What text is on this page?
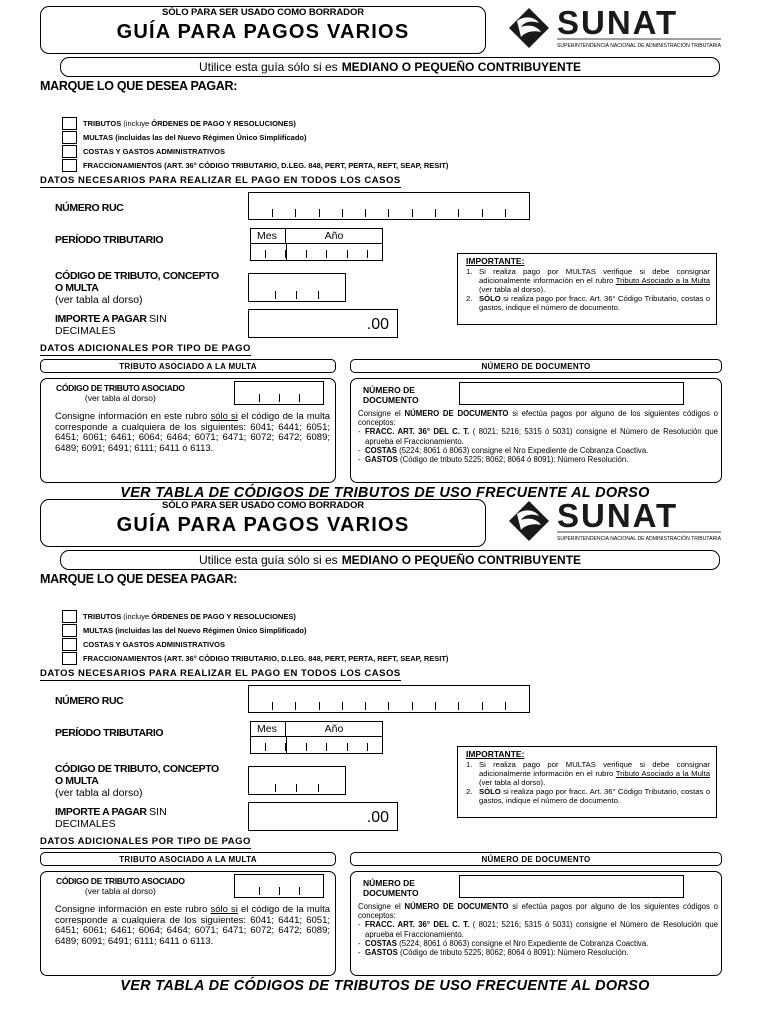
SÓLO PARA SER USADO COMO BORRADOR
GUÍA PARA PAGOS VARIOS	SUNAT
SUPERINTENDENCIA NACIONAL DE ADMINISTRACIÓN TRIBUTARIA
Utilice esta guía sólo si es MEDIANO O PEQUEÑO CONTRIBUYENTE
MARQUE LO QUE DESEA PAGAR:
TRIBUTOS (incluye ÓRDENES DE PAGO Y RESOLUCIONES)
MULTAS (incluidas las del Nuevo Régimen Único Simplificado)
COSTAS Y GASTOS ADMINISTRATIVOS
FRACCIONAMIENTOS (ART. 36° CÓDIGO TRIBUTARIO, D.LEG. 848, PERT, PERTA, REFT, SEAP, RESIT)
DATOS NECESARIOS PARA REALIZAR EL PAGO EN TODOS LOS CASOS
NÚMERO RUC
PERÍODO TRIBUTARIO	Mes	Año
CÓDIGO DE TRIBUTO, CONCEPTO
O MULTA
(ver tabla al dorso)
IMPORTE A PAGAR SIN
DECIMALES	.00
IMPORTANTE:
1. Si realiza pago por MULTAS verifique si debe consignar adicionalmente información en el rubro Tributo Asociado a la Multa (ver tabla al dorso).
2. SÓLO si realiza pago por fracc. Art. 36° Código Tributario, costas o gastos, indique el número de documento.
DATOS ADICIONALES POR TIPO DE PAGO
TRIBUTO ASOCIADO A LA MULTA	NÚMERO DE DOCUMENTO
CÓDIGO DE TRIBUTO ASOCIADO
(ver tabla al dorso)
Consigne información en este rubro sólo si el código de la multa corresponde a cualquiera de los siguientes: 6041; 6441; 6051; 6451; 6061; 6461; 6064; 6464; 6071; 6471; 6072; 6472; 6089; 6489; 6091; 6491; 6111; 6411 ó 6113.
NÚMERO DE
DOCUMENTO
Consigne el NÚMERO DE DOCUMENTO si efectúa pagos por alguno de los siguientes códigos o conceptos:
- FRACC. ART. 36° DEL C. T. ( 8021; 5216; 5315 ó 5031) consigne el Número de Resolución que aprueba el Fraccionamiento.
- COSTAS (5224; 8061 ó 8063) consigne el Nro Expediente de Cobranza Coactiva.
- GASTOS (Código de tributo 5225; 8062; 8064 ó 8091): Número Resolución.
VER TABLA DE CÓDIGOS DE TRIBUTOS DE USO FRECUENTE AL DORSO
SÓLO PARA SER USADO COMO BORRADOR
GUÍA PARA PAGOS VARIOS	SUNAT
SUPERINTENDENCIA NACIONAL DE ADMINISTRACIÓN TRIBUTARIA
Utilice esta guía sólo si es MEDIANO O PEQUEÑO CONTRIBUYENTE
MARQUE LO QUE DESEA PAGAR:
TRIBUTOS (incluye ÓRDENES DE PAGO Y RESOLUCIONES)
MULTAS (incluidas las del Nuevo Régimen Único Simplificado)
COSTAS Y GASTOS ADMINISTRATIVOS
FRACCIONAMIENTOS (ART. 36° CÓDIGO TRIBUTARIO, D.LEG. 848, PERT, PERTA, REFT, SEAP, RESIT)
DATOS NECESARIOS PARA REALIZAR EL PAGO EN TODOS LOS CASOS
NÚMERO RUC
PERÍODO TRIBUTARIO	Mes	Año
CÓDIGO DE TRIBUTO, CONCEPTO
O MULTA
(ver tabla al dorso)
IMPORTE A PAGAR SIN
DECIMALES	.00
IMPORTANTE:
1. Si realiza pago por MULTAS verifique si debe consignar adicionalmente información en el rubro Tributo Asociado a la Multa (ver tabla al dorso).
2. SÓLO si realiza pago por fracc. Art. 36° Código Tributario, costas o gastos, indique el número de documento.
DATOS ADICIONALES POR TIPO DE PAGO
TRIBUTO ASOCIADO A LA MULTA	NÚMERO DE DOCUMENTO
CÓDIGO DE TRIBUTO ASOCIADO
(ver tabla al dorso)
Consigne información en este rubro sólo si el código de la multa corresponde a cualquiera de los siguientes: 6041; 6441; 6051; 6451; 6061; 6461; 6064; 6464; 6071; 6471; 6072; 6472; 6089; 6489; 6091; 6491; 6111; 6411 ó 6113.
NÚMERO DE
DOCUMENTO
Consigne el NÚMERO DE DOCUMENTO si efectúa pagos por alguno de los siguientes códigos o conceptos:
- FRACC. ART. 36° DEL C. T. ( 8021; 5216; 5315 ó 5031) consigne el Número de Resolución que aprueba el Fraccionamiento.
- COSTAS (5224; 8061 ó 8063) consigne el Nro Expediente de Cobranza Coactiva.
- GASTOS (Código de tributo 5225; 8062; 8064 ó 8091): Número Resolución.
VER TABLA DE CÓDIGOS DE TRIBUTOS DE USO FRECUENTE AL DORSO
